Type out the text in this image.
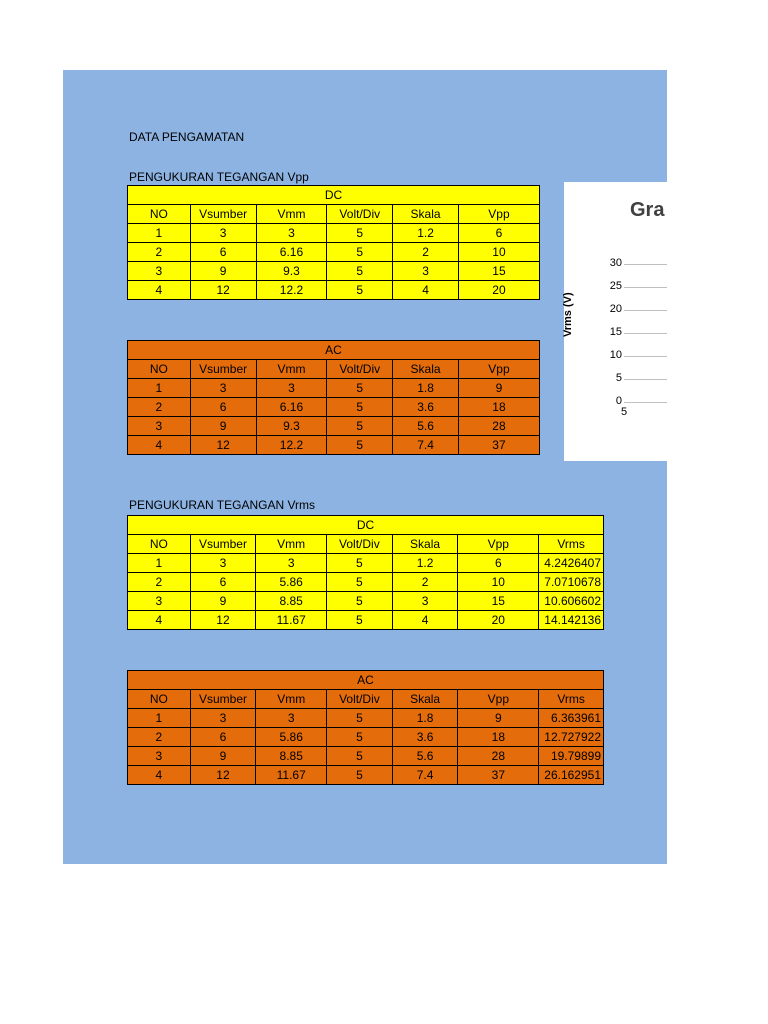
DATA PENGAMATAN
PENGUKURAN TEGANGAN Vpp
DC					
NO	Vsumber	Vmm	Volt/Div	Skala	Vpp
1	3	3	5	1.2	6
2	6	6.16	5	2	10
3	9	9.3	5	3	15
4	12	12.2	5	4	20
AC					
NO	Vsumber	Vmm	Volt/Div	Skala	Vpp
1	3	3	5	1.8	9
2	6	6.16	5	3.6	18
3	9	9.3	5	5.6	28
4	12	12.2	5	7.4	37
PENGUKURAN TEGANGAN Vrms
DC						
NO	Vsumber	Vmm	Volt/Div	Skala	Vpp	Vrms
1	3	3	5	1.2	6	4.2426407
2	6	5.86	5	2	10	7.0710678
3	9	8.85	5	3	15	10.606602
4	12	11.67	5	4	20	14.142136
AC						
NO	Vsumber	Vmm	Volt/Div	Skala	Vpp	Vrms
1	3	3	5	1.8	9	6.363961
2	6	5.86	5	3.6	18	12.727922
3	9	8.85	5	5.6	28	19.79899
4	12	11.67	5	7.4	37	26.162951
Gra
Vrms (V)
30
25
20
15
10
5
0
5
